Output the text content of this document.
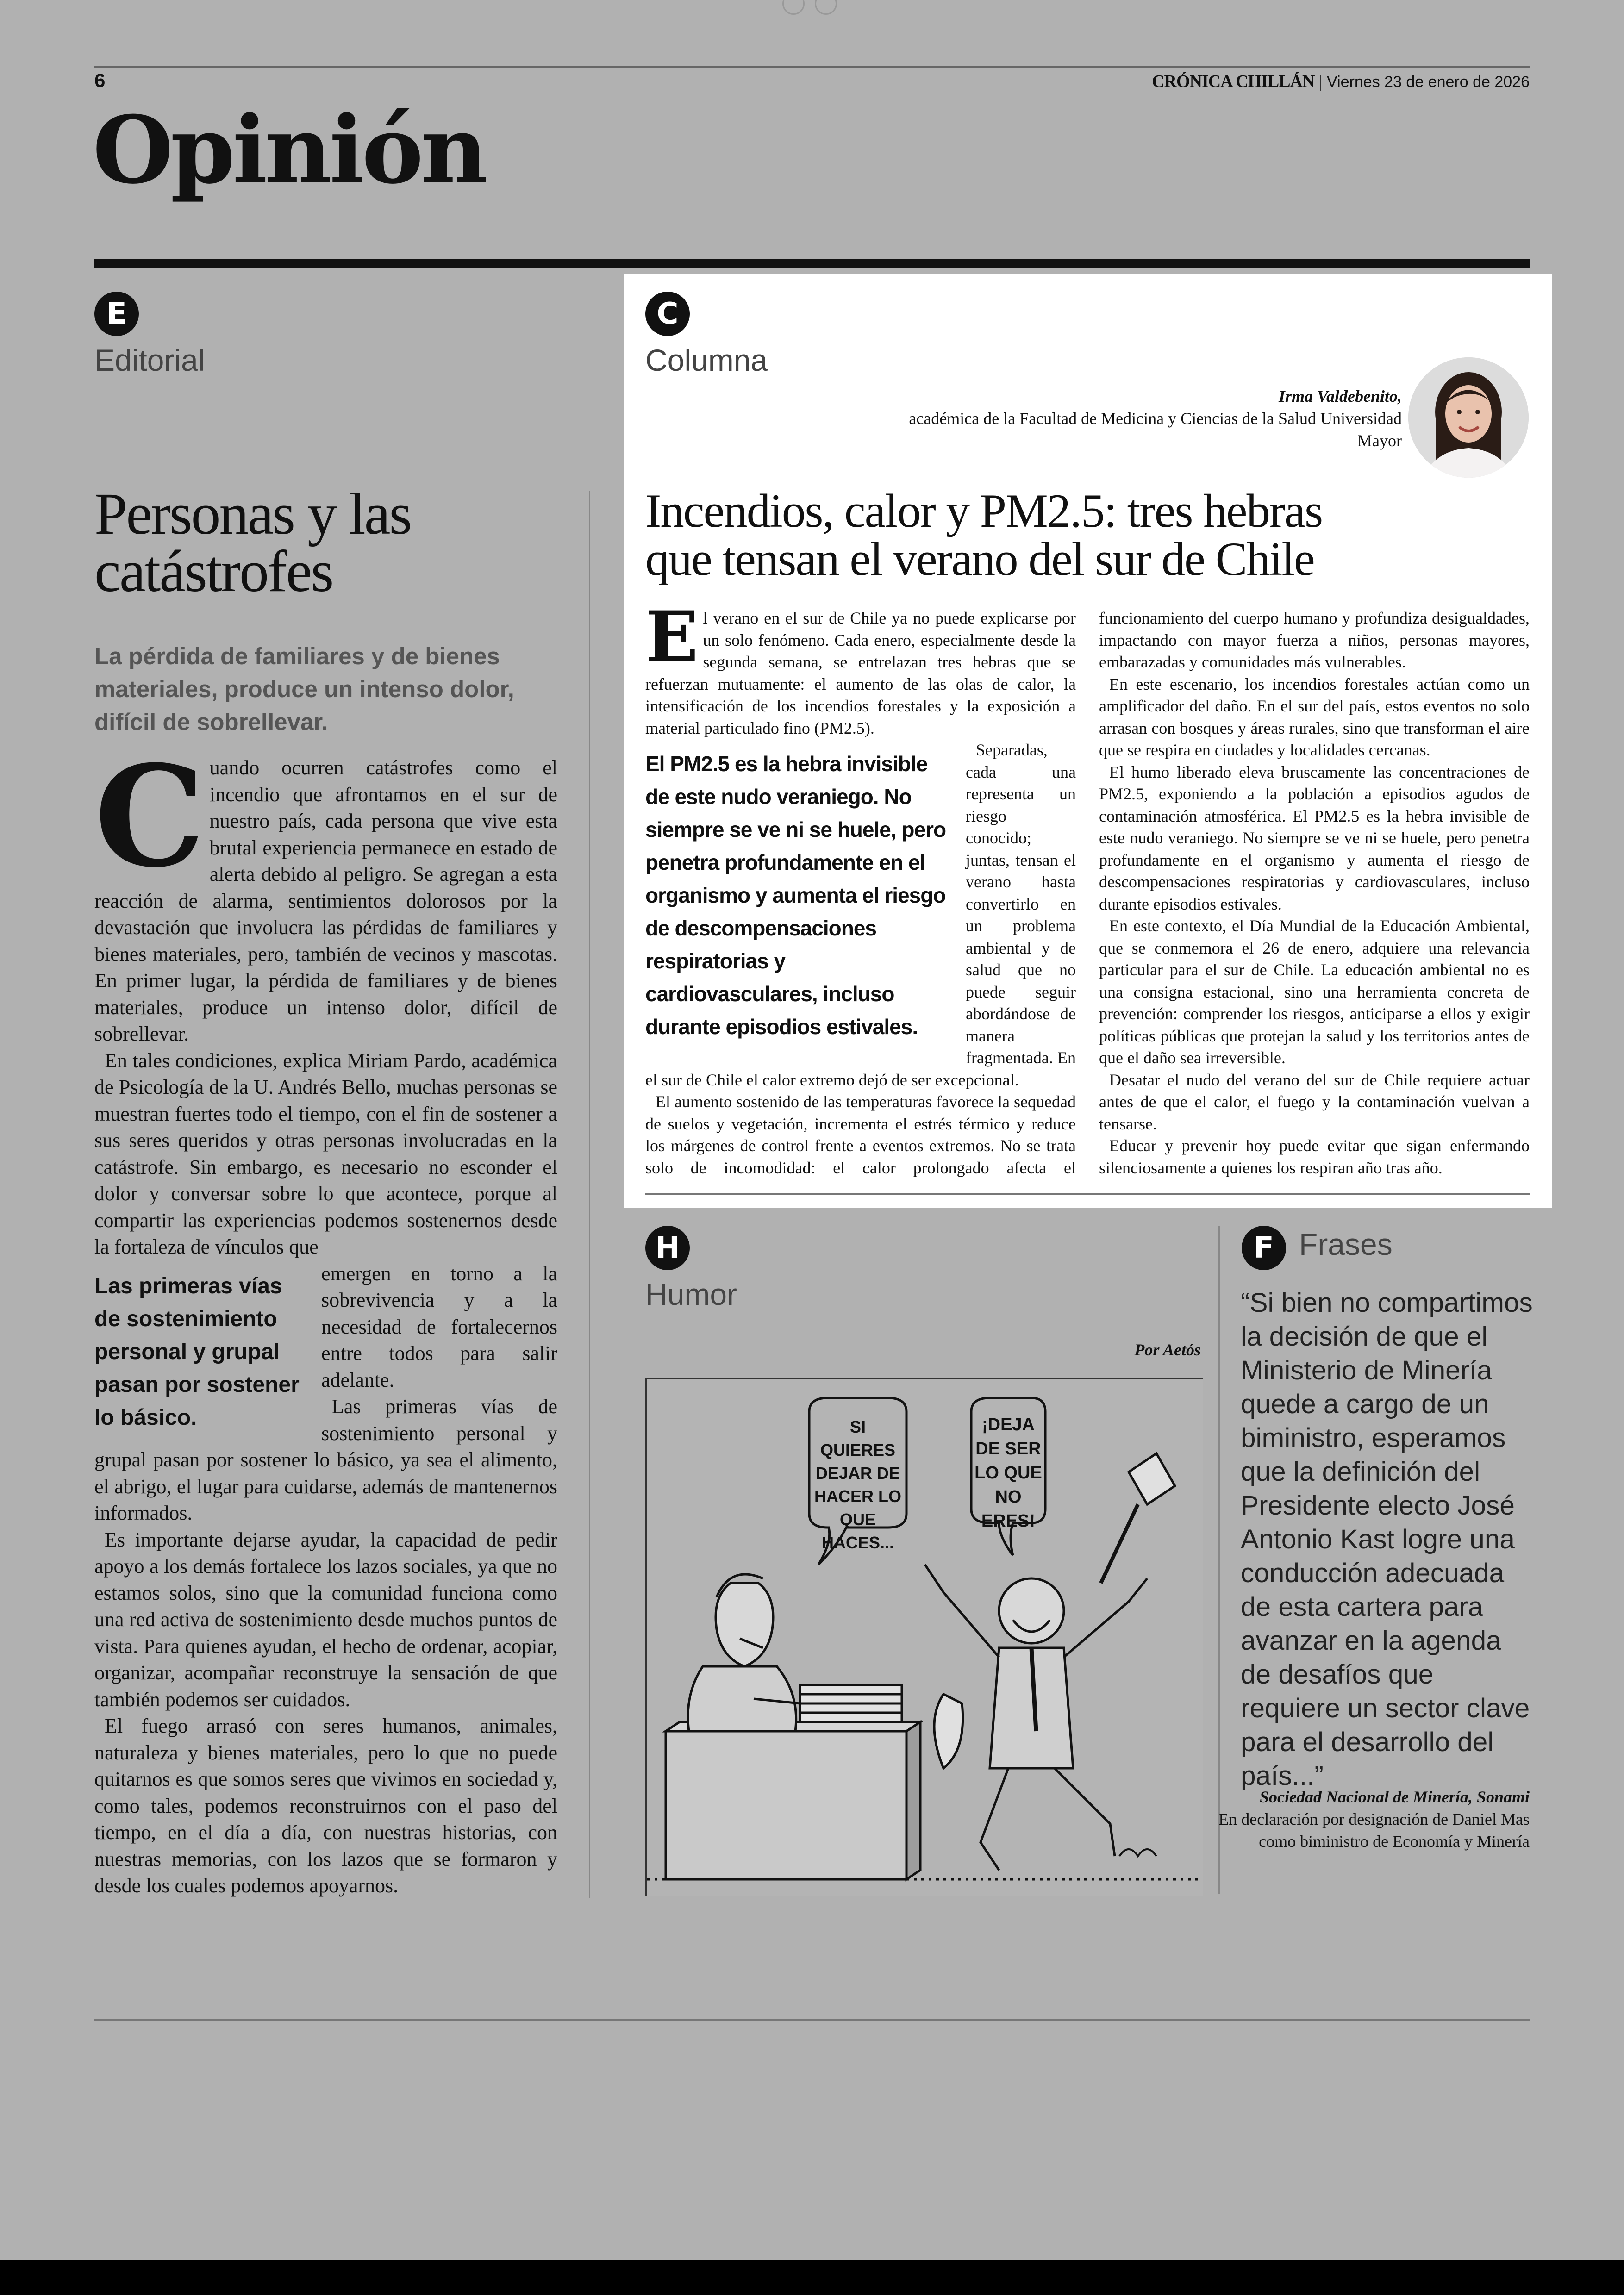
6	CRÓNICA CHILLÁN | Viernes 23 de enero de 2026
Opinión
E
Editorial
Personas y las
catástrofes
La pérdida de familiares y de bienes materiales, produce un intenso dolor, difícil de sobrellevar.
C uando ocurren catástrofes como el incendio que afrontamos en el sur de nuestro país, cada persona que vive esta brutal experiencia permanece en estado de alerta debido al peligro. Se agregan a esta reacción de alarma, sentimientos dolorosos por la devastación que involucra las pérdidas de familiares y bienes materiales, pero, también de vecinos y mascotas. En primer lugar, la pérdida de familiares y de bienes materiales, produce un intenso dolor, difícil de sobrellevar.

En tales condiciones, explica Miriam Pardo, académica de Psicología de la U. Andrés Bello, muchas personas se muestran fuertes todo el tiempo, con el fin de sostener a sus seres queridos y otras personas involucradas en la catástrofe. Sin embargo, es necesario no esconder el dolor y conversar sobre lo que acontece, porque al compartir las experiencias podemos sostenernos desde la fortaleza de vínculos que

Las primeras vías de sostenimiento personal y grupal pasan por sostener lo básico.

emergen en torno a la sobrevivencia y a la necesidad de fortalecernos entre todos para salir adelante.

Las primeras vías de sostenimiento personal y grupal pasan por sostener lo básico, ya sea el alimento, el abrigo, el lugar para cuidarse, además de mantenernos informados.

Es importante dejarse ayudar, la capacidad de pedir apoyo a los demás fortalece los lazos sociales, ya que no estamos solos, sino que la comunidad funciona como una red activa de sostenimiento desde muchos puntos de vista. Para quienes ayudan, el hecho de ordenar, acopiar, organizar, acompañar reconstruye la sensación de que también podemos ser cuidados.

El fuego arrasó con seres humanos, animales, naturaleza y bienes materiales, pero lo que no puede quitarnos es que somos seres que vivimos en sociedad y, como tales, podemos reconstruirnos con el paso del tiempo, en el día a día, con nuestras historias, con nuestras memorias, con los lazos que se formaron y desde los cuales podemos apoyarnos.

C
Columna
Irma Valdebenito,
académica de la Facultad de Medicina y Ciencias de la Salud Universidad Mayor
Incendios, calor y PM2.5: tres hebras
que tensan el verano del sur de Chile
E l verano en el sur de Chile ya no puede explicarse por un solo fenómeno. Cada enero, especialmente desde la segunda semana, se entrelazan tres hebras que se refuerzan mutuamente: el aumento de las olas de calor, la intensificación de los incendios forestales y la exposición a material particulado fino (PM2.5).

El PM2.5 es la hebra invisible de este nudo veraniego. No siempre se ve ni se huele, pero penetra profundamente en el organismo y aumenta el riesgo de descompensaciones respiratorias y cardiovasculares, incluso durante episodios estivales.

Separadas, cada una representa un riesgo conocido; juntas, tensan el verano hasta convertirlo en un problema ambiental y de salud que no puede seguir abordándose de manera fragmentada. En el sur de Chile el calor extremo dejó de ser excepcional.

El aumento sostenido de las temperaturas favorece la sequedad de suelos y vegetación, incrementa el estrés térmico y reduce los márgenes de control frente a eventos extremos. No se trata solo de incomodidad: el calor prolongado afecta el funcionamiento del cuerpo humano y profundiza desigualdades, impactando con mayor fuerza a niños, personas mayores, embarazadas y comunidades más vulnerables.

En este escenario, los incendios forestales actúan como un amplificador del daño. En el sur del país, estos eventos no solo arrasan con bosques y áreas rurales, sino que transforman el aire que se respira en ciudades y localidades cercanas.

El humo liberado eleva bruscamente las concentraciones de PM2.5, exponiendo a la población a episodios agudos de contaminación atmosférica. El PM2.5 es la hebra invisible de este nudo veraniego. No siempre se ve ni se huele, pero penetra profundamente en el organismo y aumenta el riesgo de descompensaciones respiratorias y cardiovasculares, incluso durante episodios estivales.

En este contexto, el Día Mundial de la Educación Ambiental, que se conmemora el 26 de enero, adquiere una relevancia particular para el sur de Chile. La educación ambiental no es una consigna estacional, sino una herramienta concreta de prevención: comprender los riesgos, anticiparse a ellos y exigir políticas públicas que protejan la salud y los territorios antes de que el daño sea irreversible.

Desatar el nudo del verano del sur de Chile requiere actuar antes de que el calor, el fuego y la contaminación vuelvan a tensarse.

Educar y prevenir hoy puede evitar que sigan enfermando silenciosamente a quienes los respiran año tras año.

H
Humor
Por Aetós
SI QUIERES
DEJAR DE
HACER LO
QUE HACES...
¡DEJA
DE SER
LO QUE
NO ERES!
F Frases
“Si bien no compartimos la decisión de que el Ministerio de Minería quede a cargo de un biministro, esperamos que la definición del Presidente electo José Antonio Kast logre una conducción adecuada de esta cartera para avanzar en la agenda de desafíos que requiere un sector clave para el desarrollo del país...”
Sociedad Nacional de Minería, Sonami
En declaración por designación de Daniel Mas como biministro de Economía y Minería
